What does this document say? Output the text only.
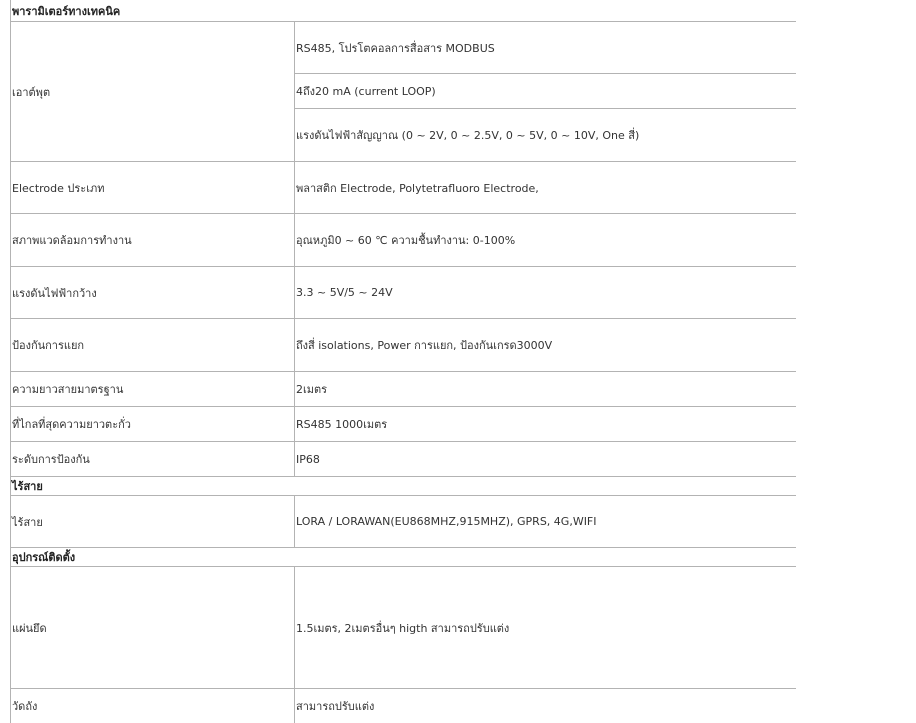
พารามิเตอร์ทางเทคนิค	
เอาต์พุต	RS485, โปรโตคอลการสื่อสาร MODBUS
	4ถึง20 mA (current LOOP)
	แรงดันไฟฟ้าสัญญาณ (0 ~ 2V, 0 ~ 2.5V, 0 ~ 5V, 0 ~ 10V, One สี่)
Electrode ประเภท	พลาสติก Electrode, Polytetrafluoro Electrode,
สภาพแวดล้อมการทำงาน	อุณหภูมิ0 ~ 60 ℃ ความชื้นทำงาน: 0-100%
แรงดันไฟฟ้ากว้าง	3.3 ~ 5V/5 ~ 24V
ป้องกันการแยก	ถึงสี่ isolations, Power การแยก, ป้องกันเกรด3000V
ความยาวสายมาตรฐาน	2เมตร
ที่ไกลที่สุดความยาวตะกั่ว	RS485 1000เมตร
ระดับการป้องกัน	IP68
ไร้สาย	
ไร้สาย	LORA / LORAWAN(EU868MHZ,915MHZ), GPRS, 4G,WIFI
อุปกรณ์ติดตั้ง	
แผ่นยึด	1.5เมตร, 2เมตรอื่นๆ higth สามารถปรับแต่ง
วัดถัง	สามารถปรับแต่ง
